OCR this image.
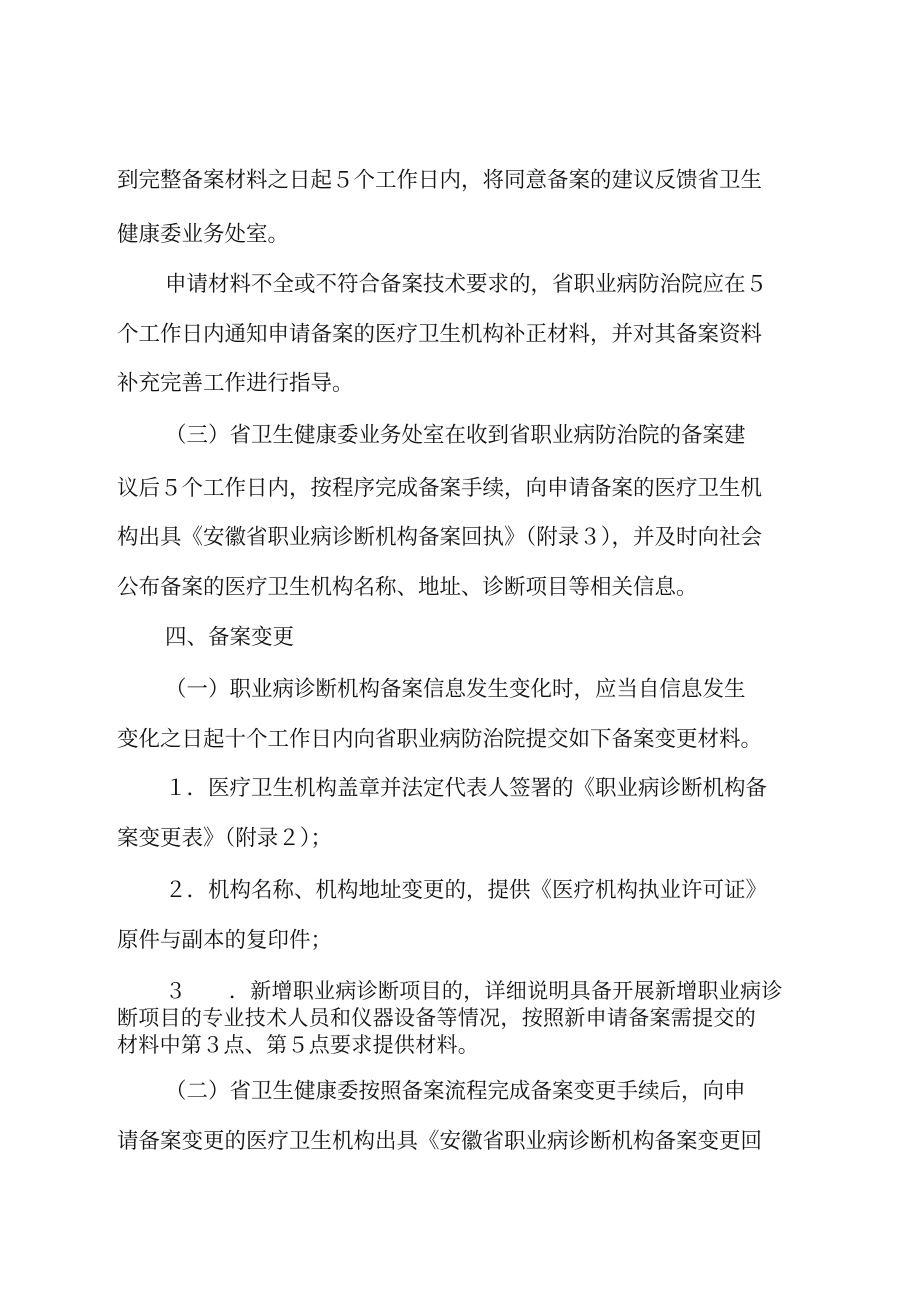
到完整备案材料之日起５个工作日内，将同意备案的建议反馈省卫生

健康委业务处室。

申请材料不全或不符合备案技术要求的，省职业病防治院应在５

个工作日内通知申请备案的医疗卫生机构补正材料，并对其备案资料

补充完善工作进行指导。

（三）省卫生健康委业务处室在收到省职业病防治院的备案建

议后５个工作日内，按程序完成备案手续，向申请备案的医疗卫生机

构出具《安徽省职业病诊断机构备案回执》（附录３），并及时向社会

公布备案的医疗卫生机构名称、地址、诊断项目等相关信息。

四、备案变更

（一）职业病诊断机构备案信息发生变化时，应当自信息发生

变化之日起十个工作日内向省职业病防治院提交如下备案变更材料。

１．医疗卫生机构盖章并法定代表人签署的《职业病诊断机构备

案变更表》（附录２）；

２．机构名称、机构地址变更的，提供《医疗机构执业许可证》

原件与副本的复印件；

３　　．新增职业病诊断项目的，详细说明具备开展新增职业病诊

断项目的专业技术人员和仪器设备等情况，按照新申请备案需提交的

材料中第３点、第５点要求提供材料。

（二）省卫生健康委按照备案流程完成备案变更手续后，向申

请备案变更的医疗卫生机构出具《安徽省职业病诊断机构备案变更回
